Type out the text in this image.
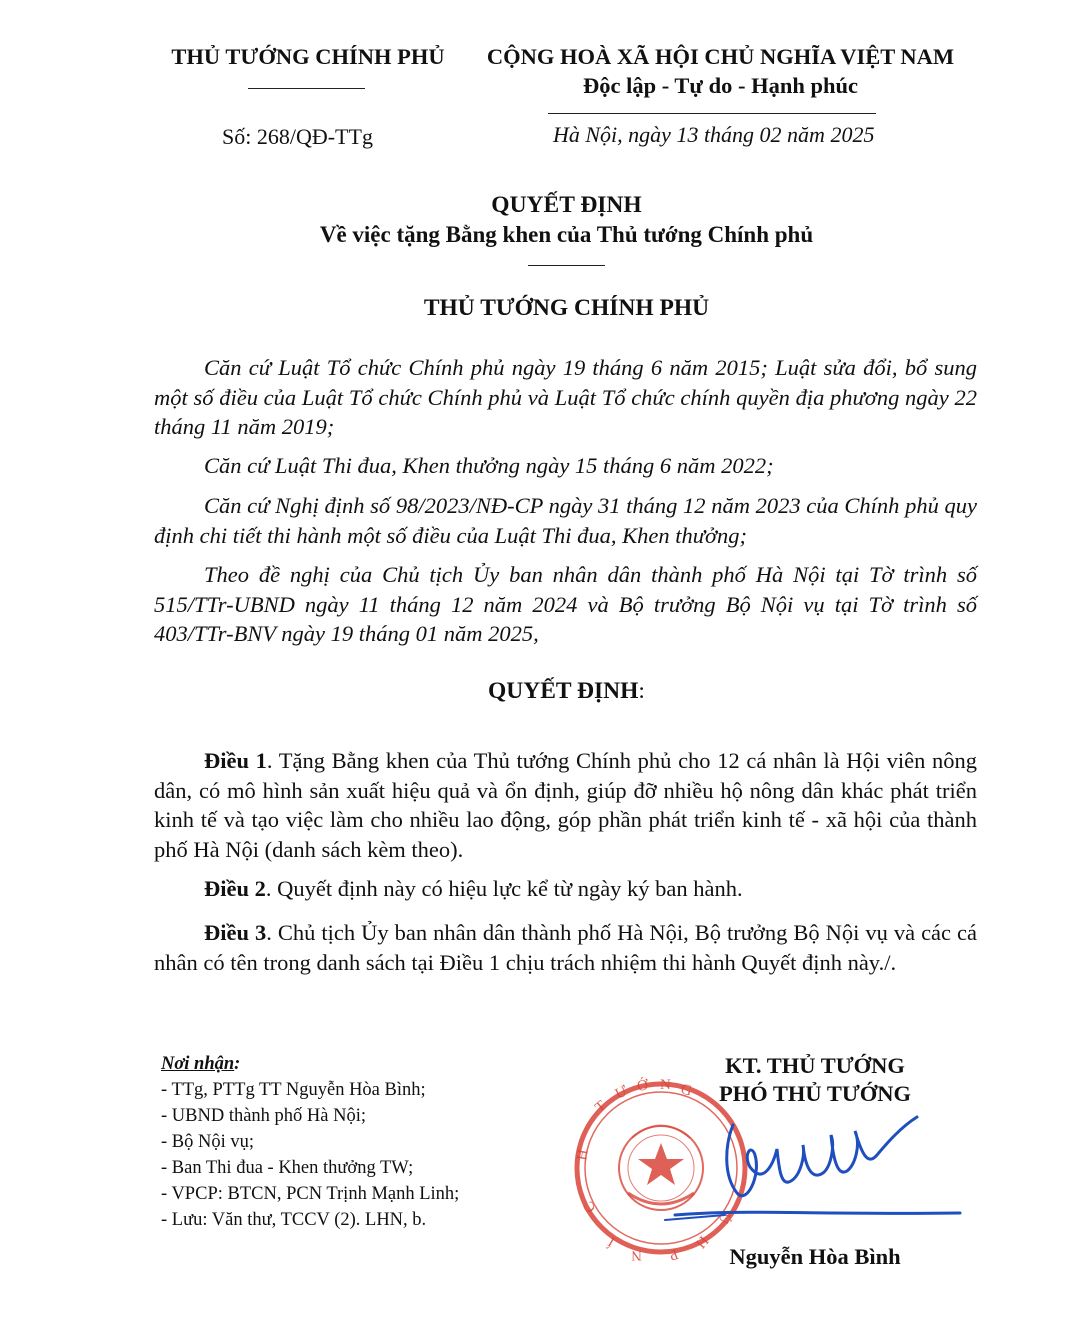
THỦ TƯỚNG CHÍNH PHỦ	CỘNG HOÀ XÃ HỘI CHỦ NGHĨA VIỆT NAM
Độc lập - Tự do - Hạnh phúc
Số: 268/QĐ-TTg	Hà Nội, ngày 13 tháng 02 năm 2025
QUYẾT ĐỊNH
Về việc tặng Bằng khen của Thủ tướng Chính phủ
THỦ TƯỚNG CHÍNH PHỦ

Căn cứ Luật Tổ chức Chính phủ ngày 19 tháng 6 năm 2015; Luật sửa đổi, bổ sung một số điều của Luật Tổ chức Chính phủ và Luật Tổ chức chính quyền địa phương ngày 22 tháng 11 năm 2019;

Căn cứ Luật Thi đua, Khen thưởng ngày 15 tháng 6 năm 2022;

Căn cứ Nghị định số 98/2023/NĐ-CP ngày 31 tháng 12 năm 2023 của Chính phủ quy định chi tiết thi hành một số điều của Luật Thi đua, Khen thưởng;

Theo đề nghị của Chủ tịch Ủy ban nhân dân thành phố Hà Nội tại Tờ trình số 515/TTr-UBND ngày 11 tháng 12 năm 2024 và Bộ trưởng Bộ Nội vụ tại Tờ trình số 403/TTr-BNV ngày 19 tháng 01 năm 2025,

QUYẾT ĐỊNH:

Điều 1. Tặng Bằng khen của Thủ tướng Chính phủ cho 12 cá nhân là Hội viên nông dân, có mô hình sản xuất hiệu quả và ổn định, giúp đỡ nhiều hộ nông dân khác phát triển kinh tế và tạo việc làm cho nhiều lao động, góp phần phát triển kinh tế - xã hội của thành phố Hà Nội (danh sách kèm theo).

Điều 2. Quyết định này có hiệu lực kể từ ngày ký ban hành.

Điều 3. Chủ tịch Ủy ban nhân dân thành phố Hà Nội, Bộ trưởng Bộ Nội vụ và các cá nhân có tên trong danh sách tại Điều 1 chịu trách nhiệm thi hành Quyết định này./.

Nơi nhận:
- TTg, PTTg TT Nguyễn Hòa Bình;
- UBND thành phố Hà Nội;
- Bộ Nội vụ;
- Ban Thi đua - Khen thưởng TW;
- VPCP: BTCN, PCN Trịnh Mạnh Linh;
- Lưu: Văn thư, TCCV (2). LHN, b.
T
Ư Ớ N G
H
C
Í
N P
H
Ủ
KT. THỦ TƯỚNG
PHÓ THỦ TƯỚNG
Nguyễn Hòa Bình
